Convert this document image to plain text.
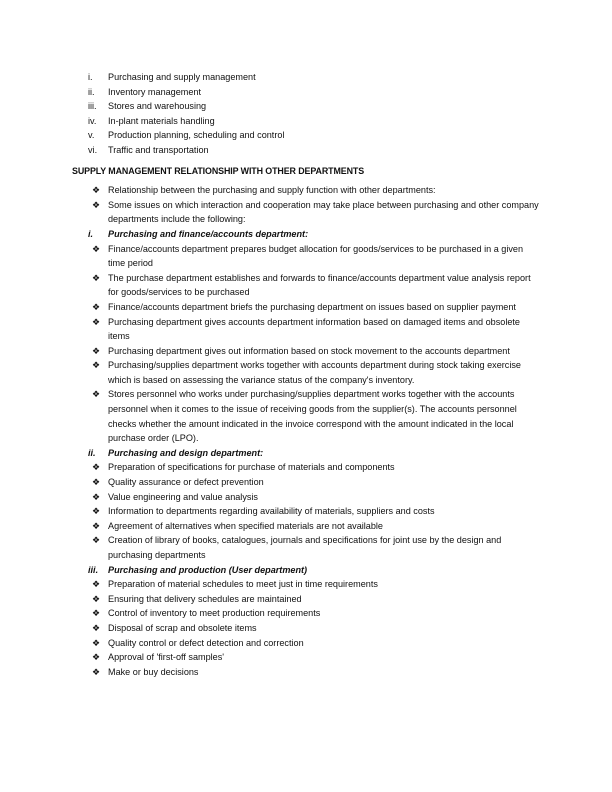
i.	Purchasing and supply management
ii.	Inventory management
iii.	Stores and warehousing
iv.	In-plant materials handling
v.	Production planning, scheduling and control
vi.	Traffic and transportation
SUPPLY MANAGEMENT RELATIONSHIP WITH OTHER DEPARTMENTS
❖ Relationship between the purchasing and supply function with other departments:
❖ Some issues on which interaction and cooperation may take place between purchasing and other company departments include the following:
i. Purchasing and finance/accounts department:
❖ Finance/accounts department prepares budget allocation for goods/services to be purchased in a given time period
❖ The purchase department establishes and forwards to finance/accounts department value analysis report for goods/services to be purchased
❖ Finance/accounts department briefs the purchasing department on issues based on supplier payment
❖ Purchasing department gives accounts department information based on damaged items and obsolete items
❖ Purchasing department gives out information based on stock movement to the accounts department
❖ Purchasing/supplies department works together with accounts department during stock taking exercise which is based on assessing the variance status of the company's inventory.
❖ Stores personnel who works under purchasing/supplies department works together with the accounts personnel when it comes to the issue of receiving goods from the supplier(s). The accounts personnel checks whether the amount indicated in the invoice correspond with the amount indicated in the local purchase order (LPO).
ii. Purchasing and design department:
❖ Preparation of specifications for purchase of materials and components
❖ Quality assurance or defect prevention
❖ Value engineering and value analysis
❖ Information to departments regarding availability of materials, suppliers and costs
❖ Agreement of alternatives when specified materials are not available
❖ Creation of library of books, catalogues, journals and specifications for joint use by the design and purchasing departments
iii. Purchasing and production (User department)
❖ Preparation of material schedules to meet just in time requirements
❖ Ensuring that delivery schedules are maintained
❖ Control of inventory to meet production requirements
❖ Disposal of scrap and obsolete items
❖ Quality control or defect detection and correction
❖ Approval of 'first-off samples'
❖ Make or buy decisions
